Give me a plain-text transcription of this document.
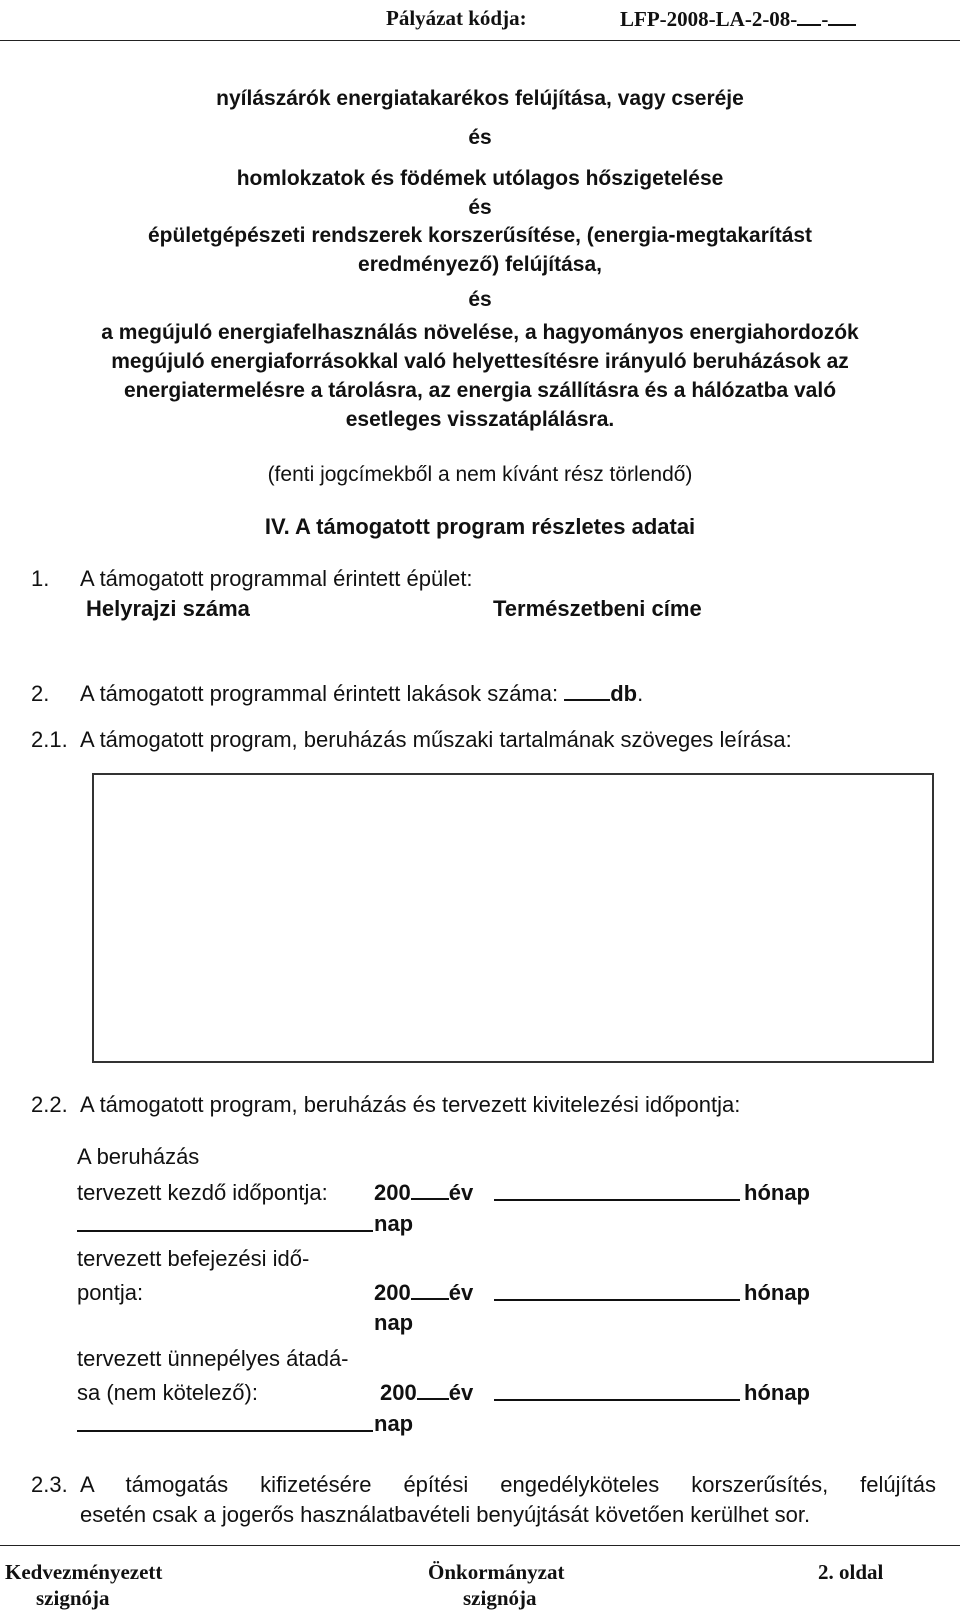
Pályázat kódja:	LFP-2008-LA-2-08- -
nyílászárók energiatakarékos felújítása, vagy cseréje
és
homlokzatok és födémek utólagos hőszigetelése
és
épületgépészeti rendszerek korszerűsítése, (energia-megtakarítást
eredményező) felújítása,
és
a megújuló energiafelhasználás növelése, a hagyományos energiahordozók
megújuló energiaforrásokkal való helyettesítésre irányuló beruházások az
energiatermelésre a tárolásra, az energia szállításra és a hálózatba való
esetleges visszatáplálásra.
(fenti jogcímekből a nem kívánt rész törlendő)
IV. A támogatott program részletes adatai
1. A támogatott programmal érintett épület:
Helyrajzi száma	Természetbeni címe
2. A támogatott programmal érintett lakások száma: db.
2.1. A támogatott program, beruházás műszaki tartalmának szöveges leírása:
2.2. A támogatott program, beruházás és tervezett kivitelezési időpontja:
A beruházás
tervezett kezdő időpontja: 200 év	hónap
nap
tervezett befejezési idő-
pontja:	200 év	hónap
nap
tervezett ünnepélyes átadá-
sa (nem kötelező):	200 év	hónap
nap
2.3. A támogatás kifizetésére építési engedélyköteles korszerűsítés, felújítás
esetén csak a jogerős használatbavételi benyújtását követően kerülhet sor.
Kedvezményezett
szignója
Önkormányzat
szignója
2. oldal
